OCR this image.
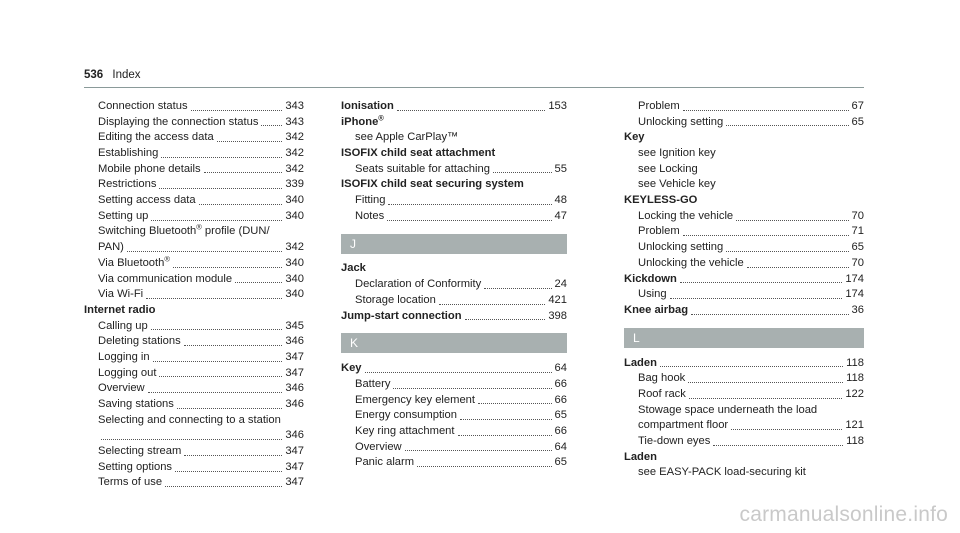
536 Index
Connection status	343
Displaying the connection status 343
Editing the access data	342
Establishing	342
Mobile phone details	342
Restrictions	339
Setting access data	340
Setting up	340
Switching Bluetooth® profile (DUN/
PAN)	342
Via Bluetooth®	340
Via communication module	340
Via Wi-Fi	340
Internet radio
Calling up	345
Deleting stations	346
Logging in	347
Logging out	347
Overview	346
Saving stations	346
Selecting and connecting to a station
346
Selecting stream	347
Setting options	347
Terms of use	347
Ionisation	153
iPhone®
see Apple CarPlay™
ISOFIX child seat attachment
Seats suitable for attaching	55
ISOFIX child seat securing system
Fitting	48
Notes	47
J
Jack
Declaration of Conformity	24
Storage location	421
Jump-start connection	398
K
Key	64
Battery	66
Emergency key element	66
Energy consumption	65
Key ring attachment	66
Overview	64
Panic alarm	65
Problem	67
Unlocking setting	65
Key
see Ignition key
see Locking
see Vehicle key
KEYLESS-GO
Locking the vehicle	70
Problem	71
Unlocking setting	65
Unlocking the vehicle	70
Kickdown	174
Using	174
Knee airbag	36
L
Laden	118
Bag hook	118
Roof rack	122
Stowage space underneath the load
compartment floor	121
Tie-down eyes	118
Laden
see EASY-PACK load-securing kit
carmanualsonline.info
